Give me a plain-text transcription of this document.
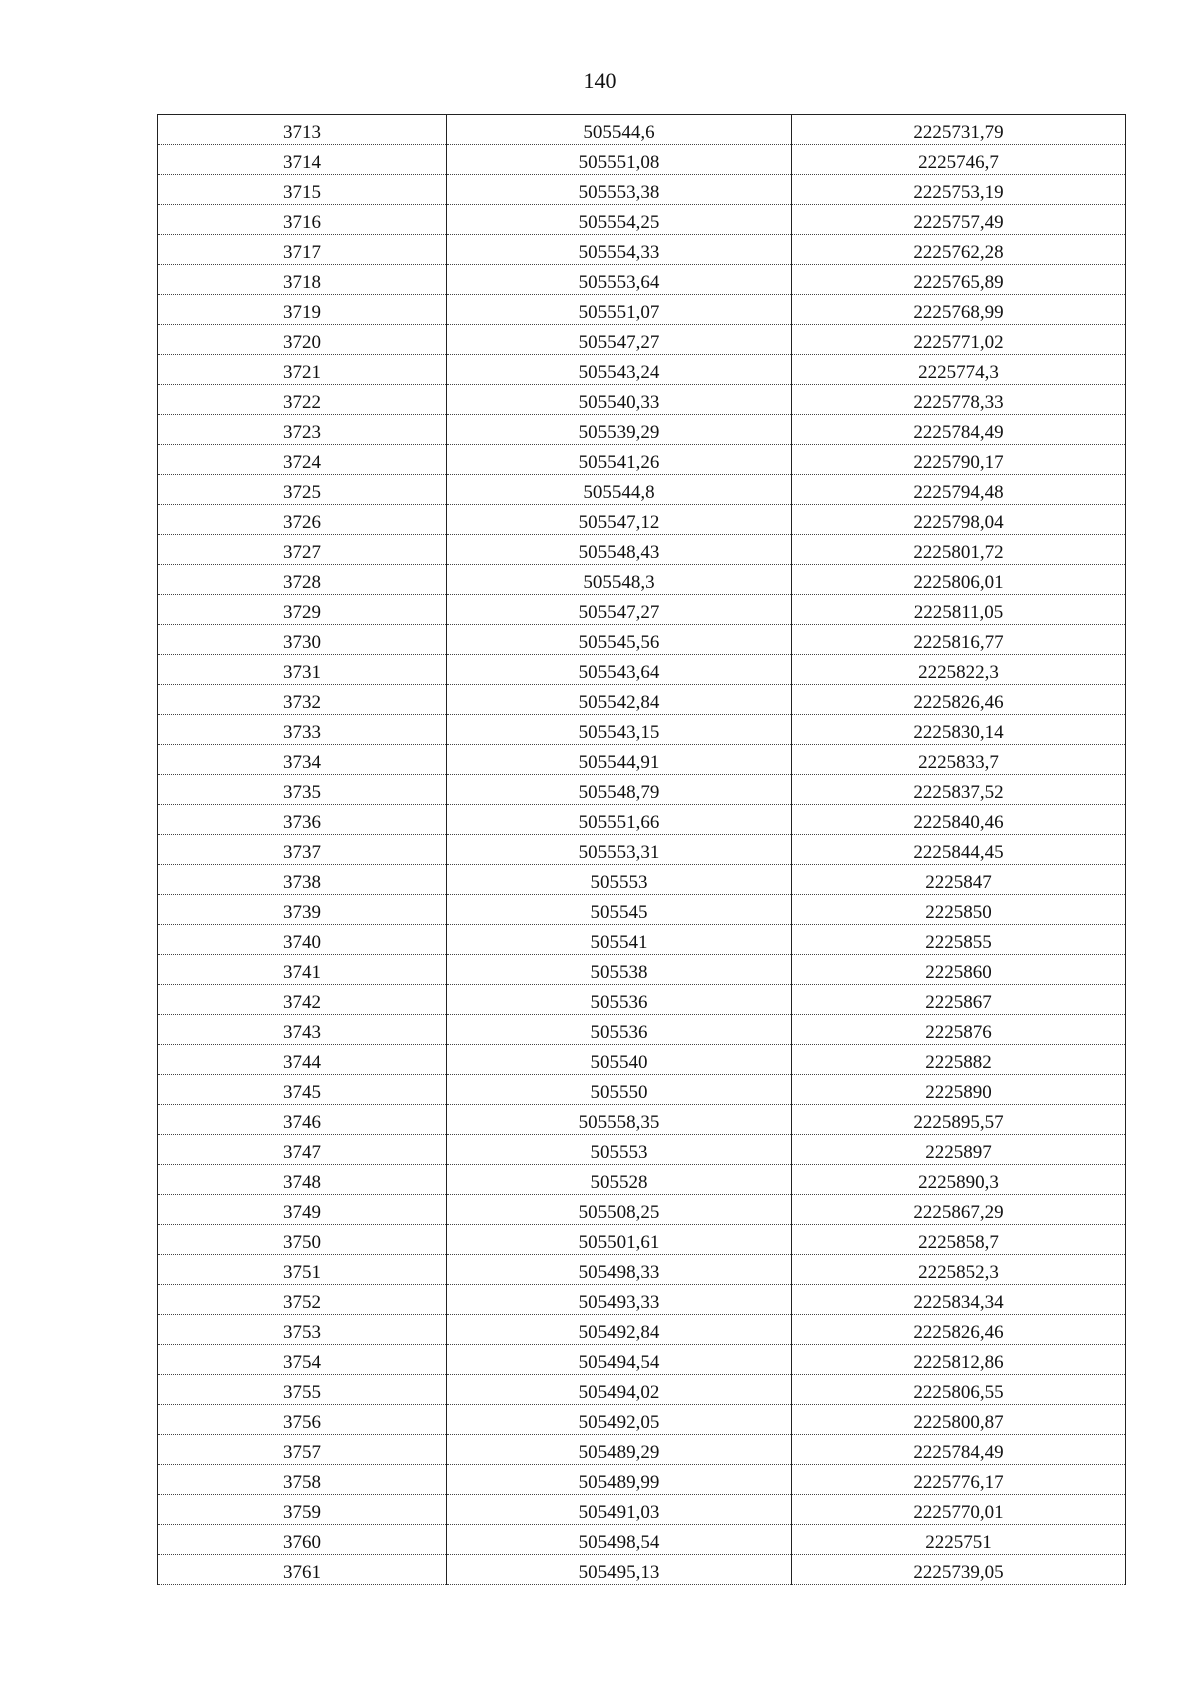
140
3713	505544,6	2225731,79
3714	505551,08	2225746,7
3715	505553,38	2225753,19
3716	505554,25	2225757,49
3717	505554,33	2225762,28
3718	505553,64	2225765,89
3719	505551,07	2225768,99
3720	505547,27	2225771,02
3721	505543,24	2225774,3
3722	505540,33	2225778,33
3723	505539,29	2225784,49
3724	505541,26	2225790,17
3725	505544,8	2225794,48
3726	505547,12	2225798,04
3727	505548,43	2225801,72
3728	505548,3	2225806,01
3729	505547,27	2225811,05
3730	505545,56	2225816,77
3731	505543,64	2225822,3
3732	505542,84	2225826,46
3733	505543,15	2225830,14
3734	505544,91	2225833,7
3735	505548,79	2225837,52
3736	505551,66	2225840,46
3737	505553,31	2225844,45
3738	505553	2225847
3739	505545	2225850
3740	505541	2225855
3741	505538	2225860
3742	505536	2225867
3743	505536	2225876
3744	505540	2225882
3745	505550	2225890
3746	505558,35	2225895,57
3747	505553	2225897
3748	505528	2225890,3
3749	505508,25	2225867,29
3750	505501,61	2225858,7
3751	505498,33	2225852,3
3752	505493,33	2225834,34
3753	505492,84	2225826,46
3754	505494,54	2225812,86
3755	505494,02	2225806,55
3756	505492,05	2225800,87
3757	505489,29	2225784,49
3758	505489,99	2225776,17
3759	505491,03	2225770,01
3760	505498,54	2225751
3761	505495,13	2225739,05
